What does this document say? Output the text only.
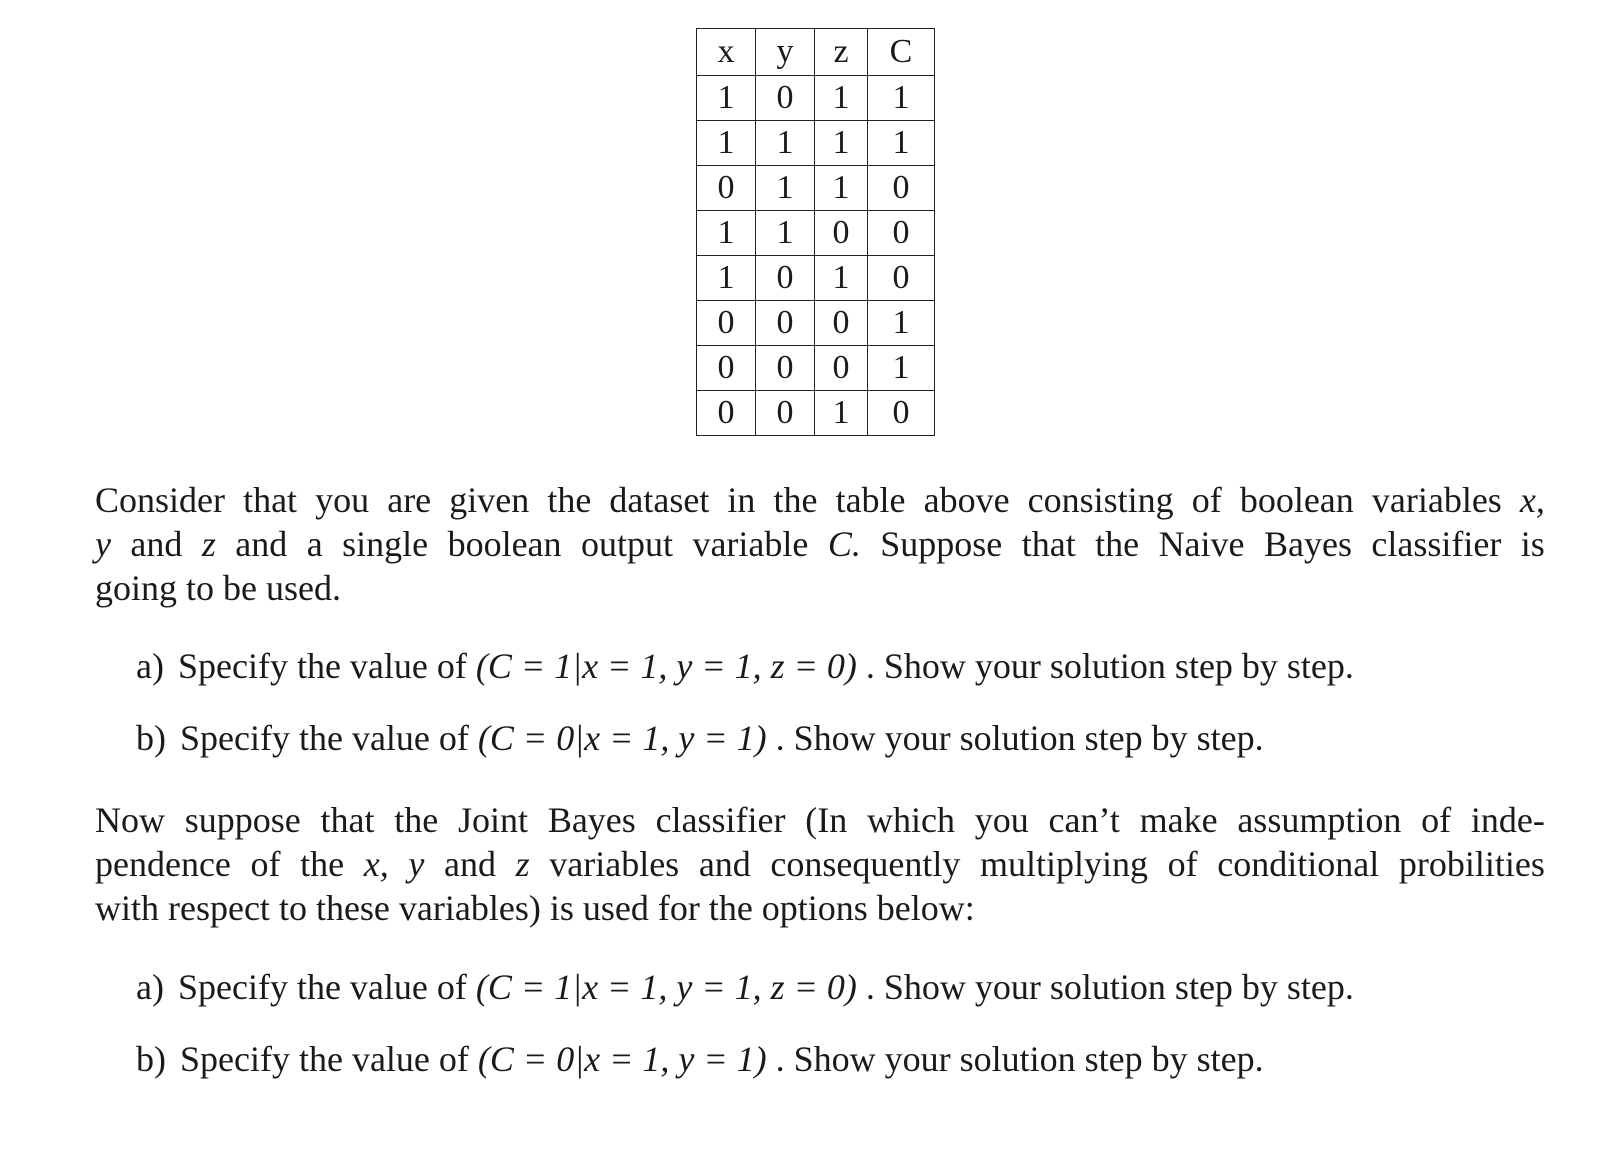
x	y	z	C
1	0	1	1
1	1	1	1
0	1	1	0
1	1	0	0
1	0	1	0
0	0	0	1
0	0	0	1
0	0	1	0
Consider that you are given the dataset in the table above consisting of boolean variables x,
y and z and a single boolean output variable C. Suppose that the Naive Bayes classifier is
going to be used.
a) Specify the value of (C = 1|x = 1, y = 1, z = 0) . Show your solution step by step.
b) Specify the value of (C = 0|x = 1, y = 1) . Show your solution step by step.
Now suppose that the Joint Bayes classifier (In which you can’t make assumption of inde-
pendence of the x, y and z variables and consequently multiplying of conditional probilities
with respect to these variables) is used for the options below:
a) Specify the value of (C = 1|x = 1, y = 1, z = 0) . Show your solution step by step.
b) Specify the value of (C = 0|x = 1, y = 1) . Show your solution step by step.
